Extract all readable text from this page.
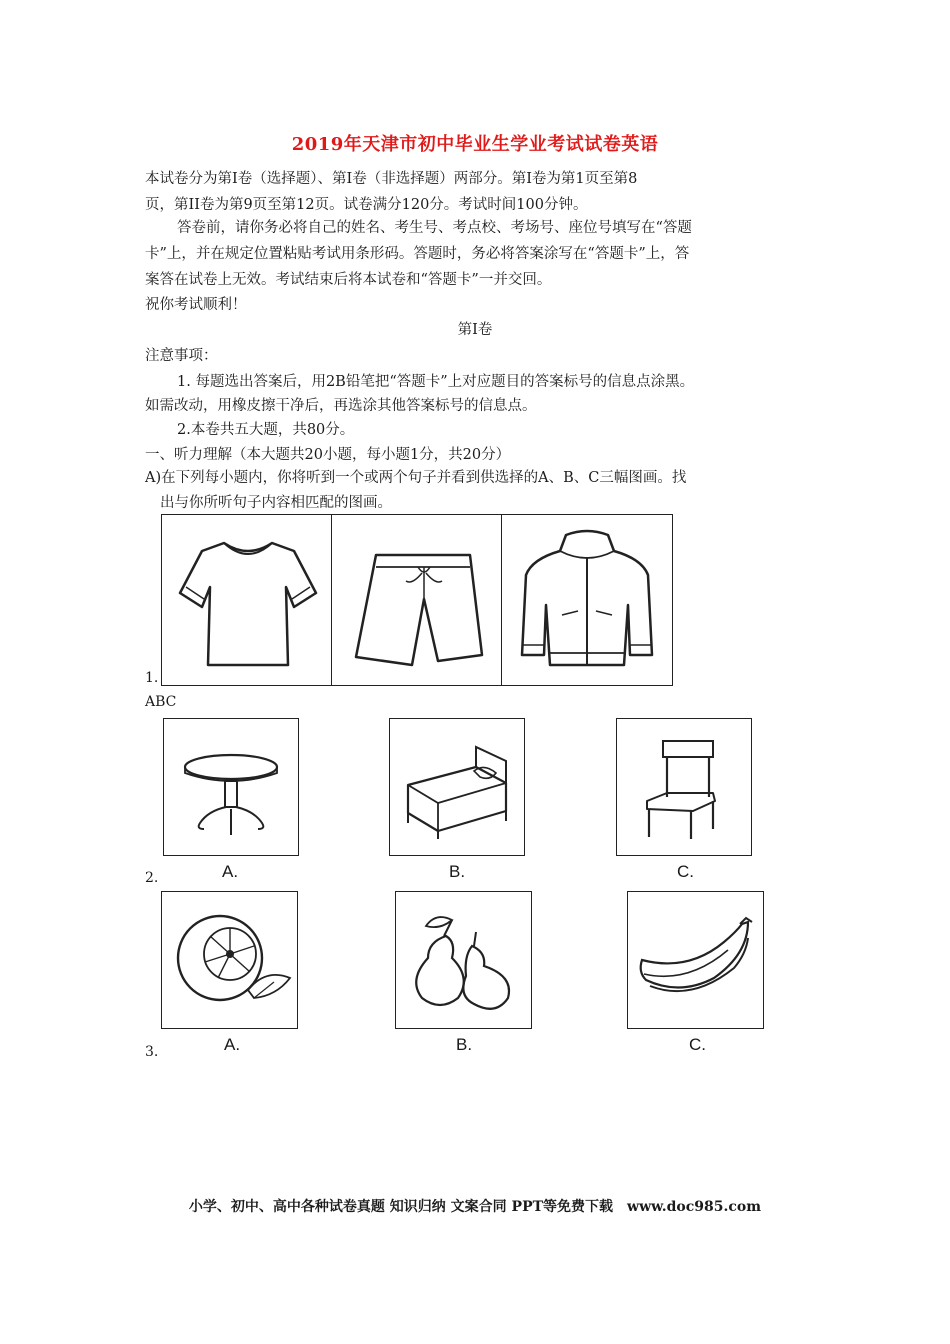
2019年天津市初中毕业生学业考试试卷英语
本试卷分为第Ⅰ卷（选择题）、第Ⅰ卷（非选择题）两部分。第Ⅰ卷为第1页至第8
页，第II卷为第9页至第12页。试卷满分120分。考试时间100分钟。
答卷前，请你务必将自己的姓名、考生号、考点校、考场号、座位号填写在“答题
卡”上，并在规定位置粘贴考试用条形码。答题时，务必将答案涂写在“答题卡”上，答
案答在试卷上无效。考试结束后将本试卷和“答题卡”一并交回。
祝你考试顺利！
第Ⅰ卷
注意事项：
1. 每题选出答案后，用2B铅笔把“答题卡”上对应题目的答案标号的信息点涂黑。
如需改动，用橡皮擦干净后，再选涂其他答案标号的信息点。
2.本卷共五大题，共80分。
一、听力理解（本大题共20小题，每小题1分，共20分）
A)在下列每小题内，你将听到一个或两个句子并看到供选择的A、B、C三幅图画。找
出与你所听句子内容相匹配的图画。
1.
ABC
2.	A.	B.	C.
3.	A.	B.	C.
小学、初中、高中各种试卷真题 知识归纳 文案合同 PPT等免费下载　www.doc985.com
